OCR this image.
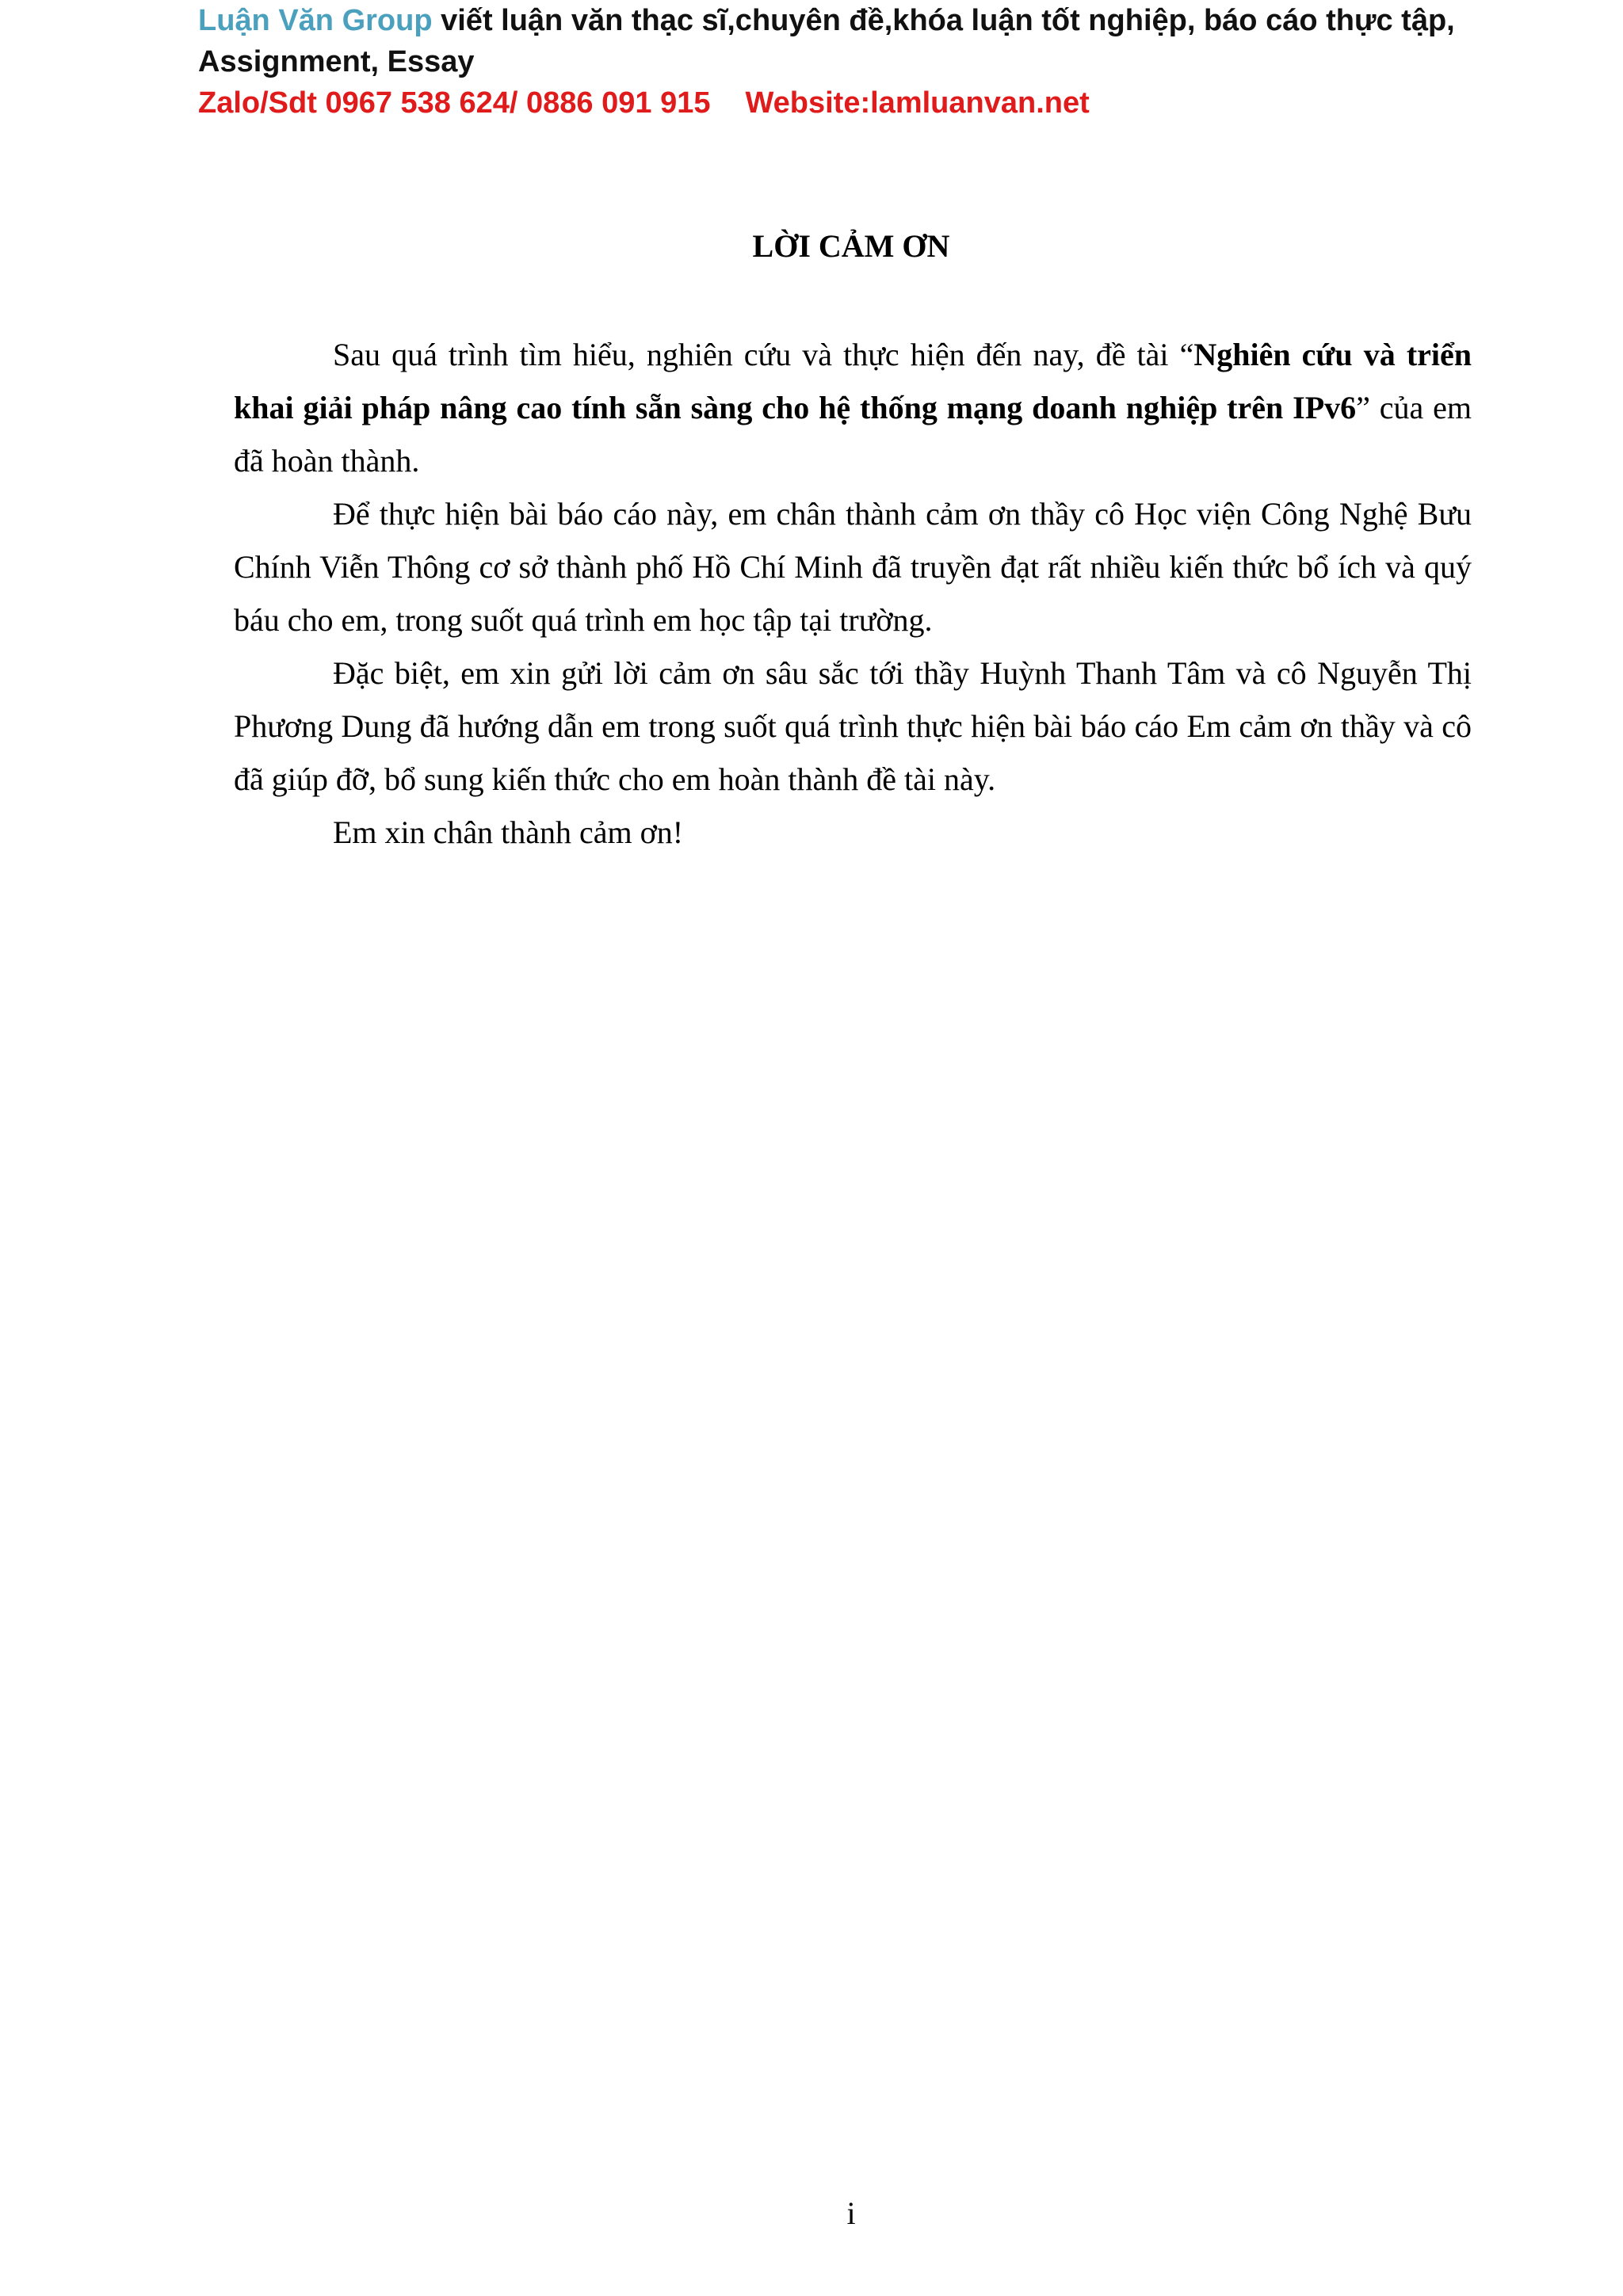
Luận Văn Group viết luận văn thạc sĩ,chuyên đề,khóa luận tốt nghiệp, báo cáo thực tập,
Assignment, Essay
Zalo/Sdt 0967 538 624/ 0886 091 915 Website:lamluanvan.net
LỜI CẢM ƠN

Sau quá trình tìm hiểu, nghiên cứu và thực hiện đến nay, đề tài “Nghiên cứu và triển khai giải pháp nâng cao tính sẵn sàng cho hệ thống mạng doanh nghiệp trên IPv6” của em đã hoàn thành.

Để thực hiện bài báo cáo này, em chân thành cảm ơn thầy cô Học viện Công Nghệ Bưu Chính Viễn Thông cơ sở thành phố Hồ Chí Minh đã truyền đạt rất nhiều kiến thức bổ ích và quý báu cho em, trong suốt quá trình em học tập tại trường.

Đặc biệt, em xin gửi lời cảm ơn sâu sắc tới thầy Huỳnh Thanh Tâm và cô Nguyễn Thị Phương Dung đã hướng dẫn em trong suốt quá trình thực hiện bài báo cáo Em cảm ơn thầy và cô đã giúp đỡ, bổ sung kiến thức cho em hoàn thành đề tài này.

Em xin chân thành cảm ơn!

i
